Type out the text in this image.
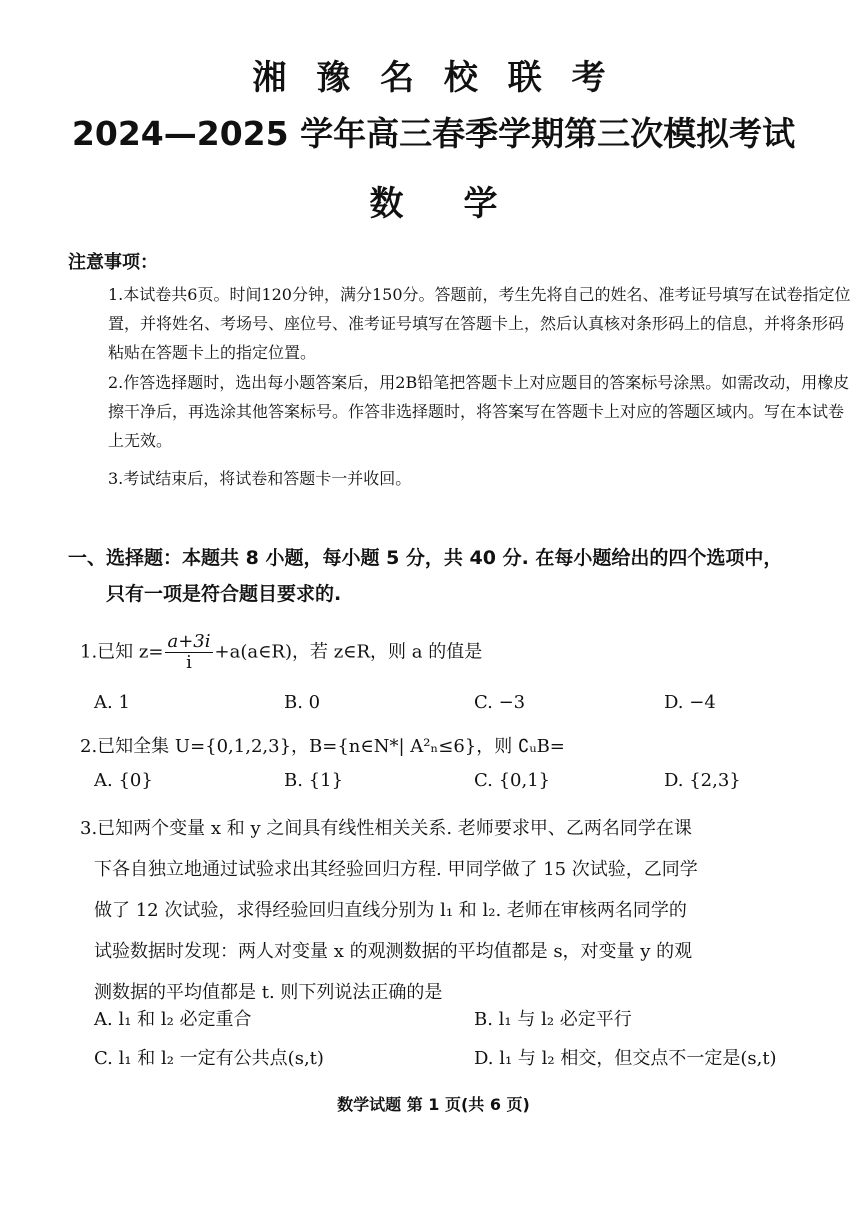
湘 豫 名 校 联 考
2024—2025 学年高三春季学期第三次模拟考试
数 学
注意事项：

1.本试卷共6页。时间120分钟，满分150分。答题前，考生先将自己的姓名、准考证号填写在试卷指定位置，并将姓名、考场号、座位号、准考证号填写在答题卡上，然后认真核对条形码上的信息，并将条形码粘贴在答题卡上的指定位置。

2.作答选择题时，选出每小题答案后，用2B铅笔把答题卡上对应题目的答案标号涂黑。如需改动，用橡皮擦干净后，再选涂其他答案标号。作答非选择题时，将答案写在答题卡上对应的答题区域内。写在本试卷上无效。

3.考试结束后，将试卷和答题卡一并收回。

一、选择题：本题共 8 小题，每小题 5 分，共 40 分. 在每小题给出的四个选项中，
只有一项是符合题目要求的.
1.已知 $z= \frac{a+3i}{i}$ +a(a∈R)，若 z∈R，则 a 的值是
A. 1	B. 0	C. −3	D. −4
2.已知全集 U={0,1,2,3}，B={n∈N*| A²ₙ≤6}，则 ∁ᵤB=
A. {0}	B. {1}	C. {0,1}	D. {2,3}
3.已知两个变量 x 和 y 之间具有线性相关关系. 老师要求甲、乙两名同学在课
下各自独立地通过试验求出其经验回归方程. 甲同学做了 15 次试验，乙同学
做了 12 次试验，求得经验回归直线分别为 l₁ 和 l₂. 老师在审核两名同学的
试验数据时发现：两人对变量 x 的观测数据的平均值都是 s，对变量 y 的观
测数据的平均值都是 t. 则下列说法正确的是
A. l₁ 和 l₂ 必定重合	B. l₁ 与 l₂ 必定平行
C. l₁ 和 l₂ 一定有公共点(s,t)	D. l₁ 与 l₂ 相交，但交点不一定是(s,t)
数学试题 第 1 页(共 6 页)
